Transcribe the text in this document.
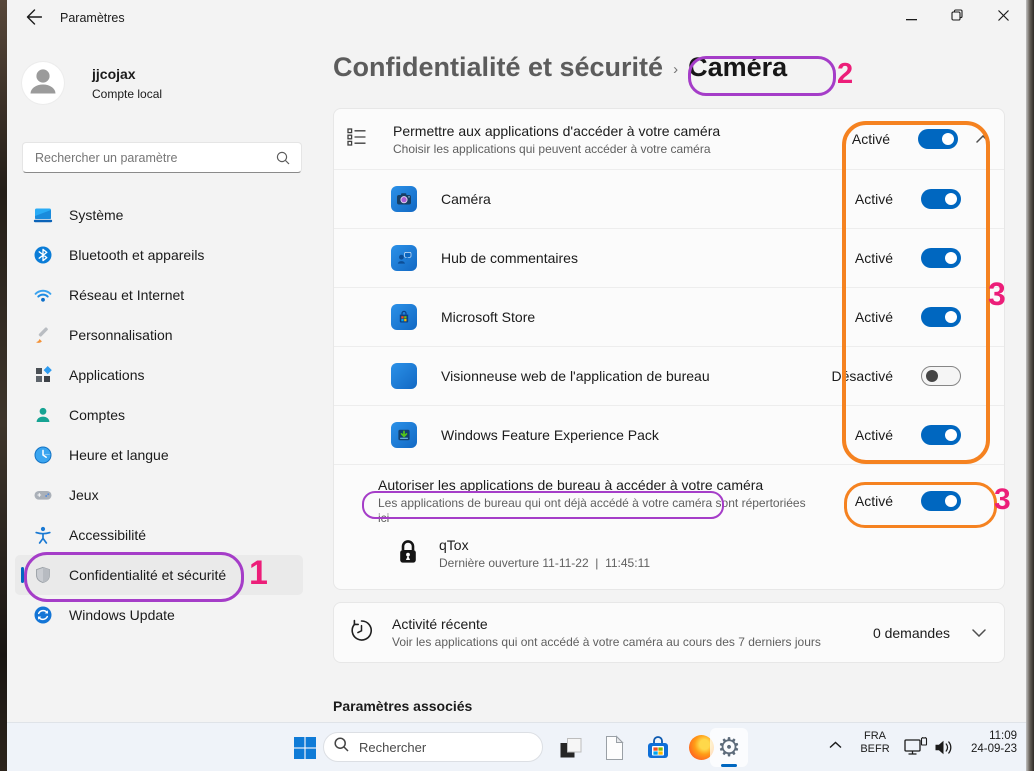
Paramètres
jjcojax
Compte local
Rechercher un paramètre
Système
Bluetooth et appareils
Réseau et Internet
Personnalisation
Applications
Comptes
Heure et langue
Jeux
Accessibilité
Confidentialité et sécurité
Windows Update
Confidentialité et sécurité › Caméra
Permettre aux applications d'accéder à votre caméra
Choisir les applications qui peuvent accéder à votre caméra
Activé
Caméra	Activé
Hub de commentaires	Activé
Microsoft Store	Activé
Visionneuse web de l'application de bureau	Désactivé
Windows Feature Experience Pack	Activé
Autoriser les applications de bureau à accéder à votre caméra
Les applications de bureau qui ont déjà accédé à votre caméra sont répertoriées
ici
Activé
qTox
Dernière ouverture 11-11-22  |  11:45:11
Activité récente
Voir les applications qui ont accédé à votre caméra au cours des 7 derniers jours
0 demandes
Paramètres associés
Rechercher
⚙	FRA
BEFR
11:09
24-09-23
1
2
3
3
